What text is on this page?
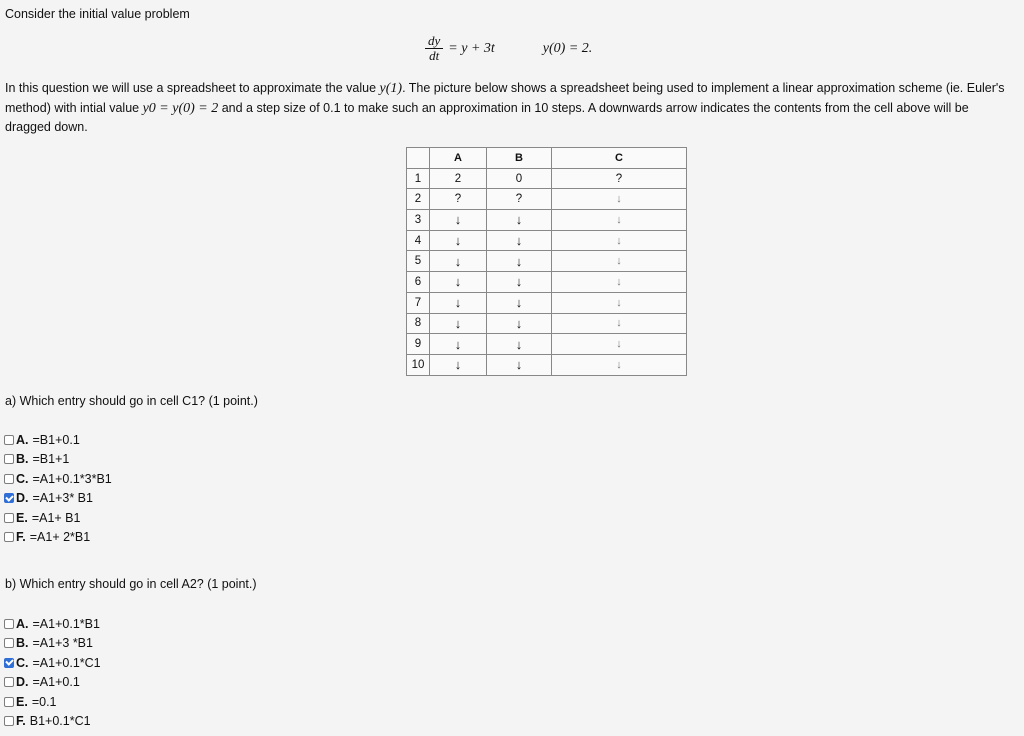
Consider the initial value problem
$\frac{dy}{dt} = y + 3t$	y(0) = 2.
In this question we will use a spreadsheet to approximate the value y(1). The picture below shows a spreadsheet being used to implement a linear approximation scheme (ie. Euler's method) with intial value y0 = y(0) = 2 and a step size of 0.1 to make such an approximation in 10 steps. A downwards arrow indicates the contents from the cell above will be dragged down.
	A	B	C
1	2	0	?
2	?	?	↓
3	↓	↓	↓
4	↓	↓	↓
5	↓	↓	↓
6	↓	↓	↓
7	↓	↓	↓
8	↓	↓	↓
9	↓	↓	↓
10	↓	↓	↓
a) Which entry should go in cell C1? (1 point.)
A. =B1+0.1
B. =B1+1
C. =A1+0.1*3*B1
D. =A1+3* B1
E. =A1+ B1
F. =A1+ 2*B1
b) Which entry should go in cell A2? (1 point.)
A. =A1+0.1*B1
B. =A1+3 *B1
C. =A1+0.1*C1
D. =A1+0.1
E. =0.1
F. B1+0.1*C1
